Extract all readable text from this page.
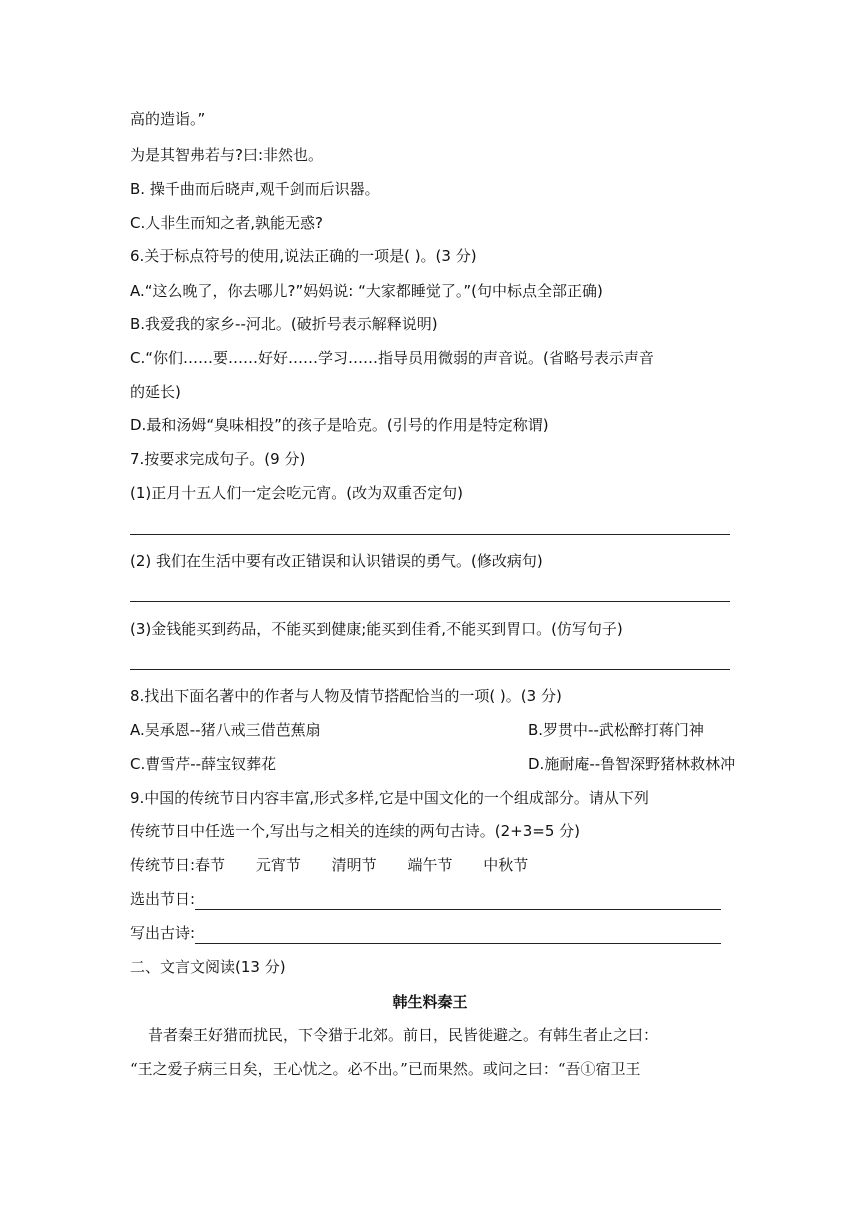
高的造诣。”
为是其智弗若与?曰:非然也。
B. 操千曲而后晓声,观千剑而后识器。
C.人非生而知之者,孰能无惑?
6.关于标点符号的使用,说法正确的一项是( )。(3 分)
A.“这么晚了，你去哪儿?”妈妈说: “大家都睡觉了。”(句中标点全部正确)
B.我爱我的家乡--河北。(破折号表示解释说明)
C.“你们……要……好好……学习……指导员用微弱的声音说。(省略号表示声音
的延长)
D.最和汤姆“臭味相投”的孩子是哈克。(引号的作用是特定称谓)
7.按要求完成句子。(9 分)
(1)正月十五人们一定会吃元宵。(改为双重否定句)
(2) 我们在生活中要有改正错误和认识错误的勇气。(修改病句)
(3)金钱能买到药品，不能买到健康;能买到佳肴,不能买到胃口。(仿写句子)
8.找出下面名著中的作者与人物及情节搭配恰当的一项( )。(3 分)
A.吴承恩--猪八戒三借芭蕉扇	B.罗贯中--武松醉打蒋门神
C.曹雪芹--薛宝钗葬花	D.施耐庵--鲁智深野猪林救林冲
9.中国的传统节日内容丰富,形式多样,它是中国文化的一个组成部分。请从下列
传统节日中任选一个,写出与之相关的连续的两句古诗。(2+3=5 分)
传统节日:春节 元宵节 清明节 端午节 中秋节
选出节日:
写出古诗:
二、文言文阅读(13 分)
韩生料秦王
昔者秦王好猎而扰民，下令猎于北郊。前日，民皆徙避之。有韩生者止之曰：
“王之爱子病三日矣，王心忧之。必不出。”已而果然。或问之曰：“吾①宿卫王
